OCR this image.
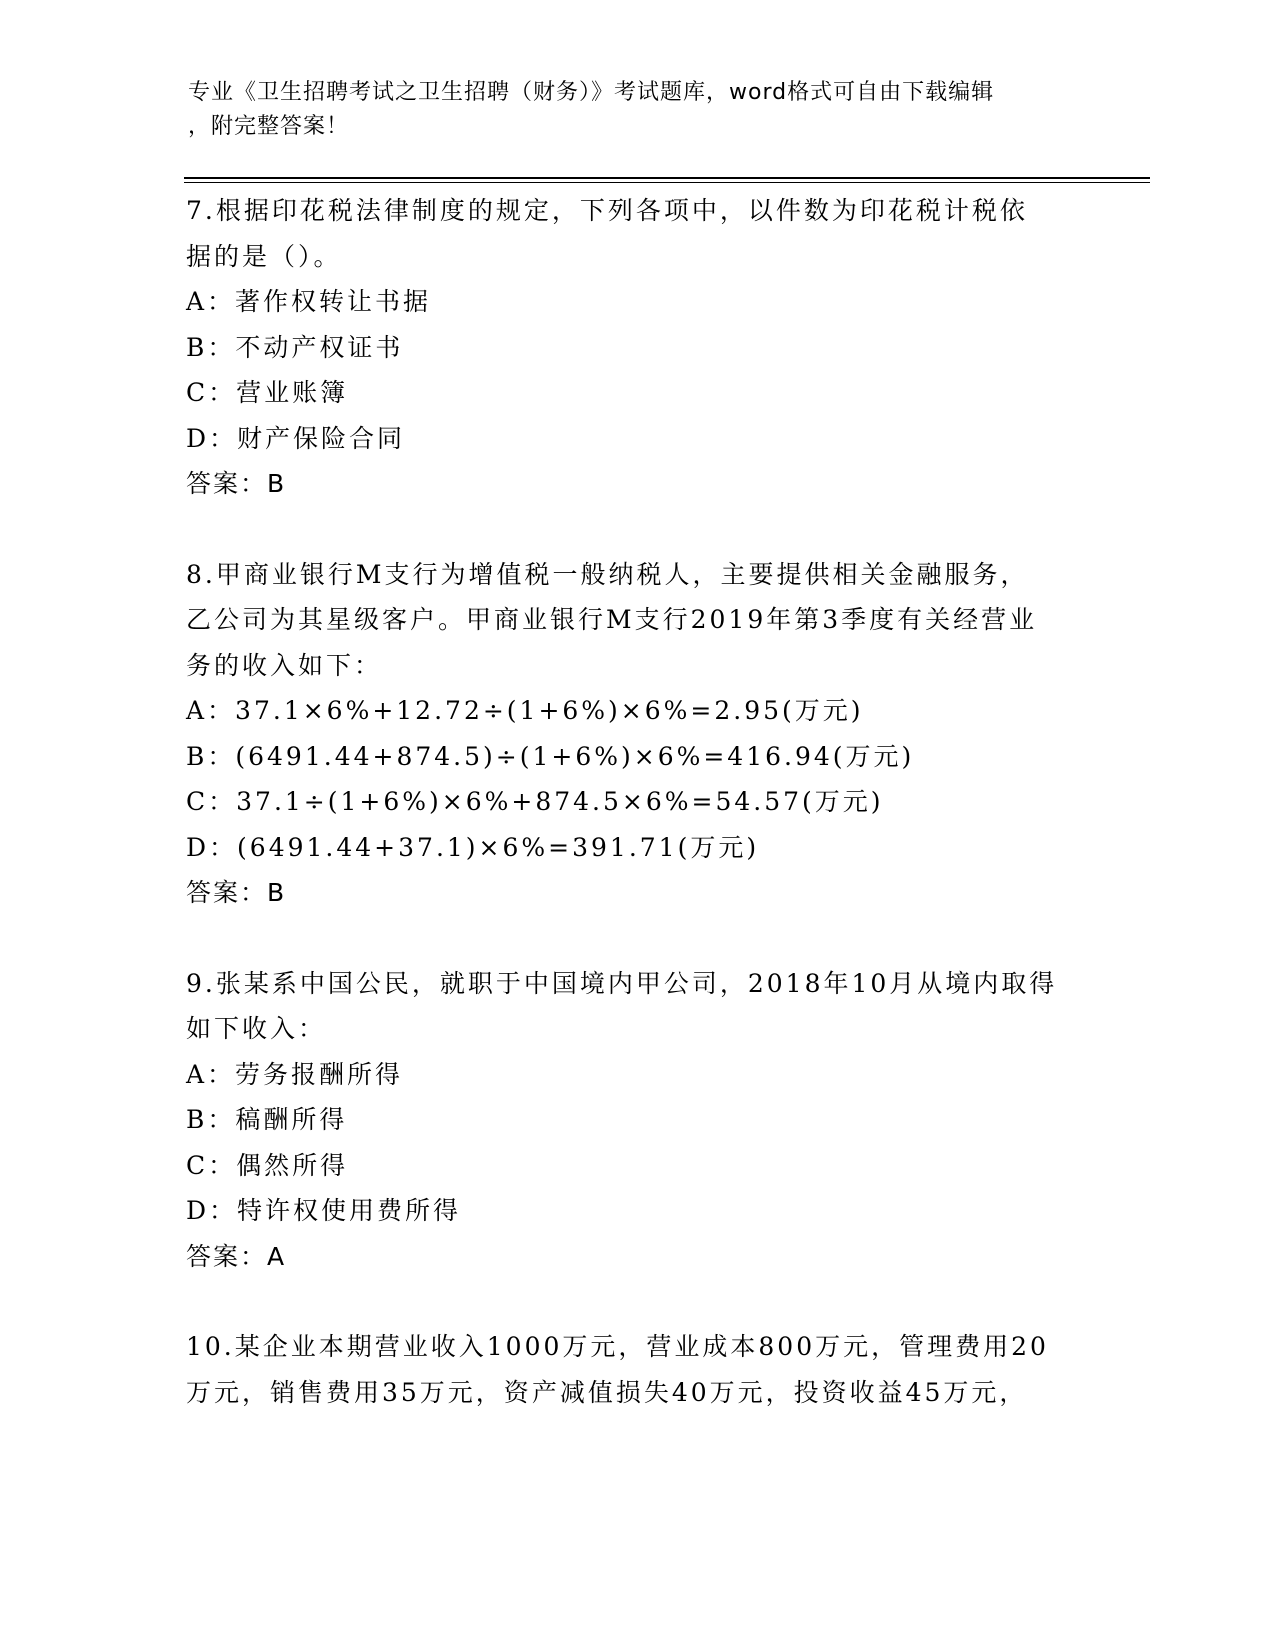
专业《卫生招聘考试之卫生招聘（财务）》考试题库，word格式可自由下载编辑
，附完整答案！
7.根据印花税法律制度的规定，下列各项中，以件数为印花税计税依
据的是（）。
A：著作权转让书据
B：不动产权证书
C：营业账簿
D：财产保险合同
答案：B
8.甲商业银行M支行为增值税一般纳税人，主要提供相关金融服务，
乙公司为其星级客户。甲商业银行M支行2019年第3季度有关经营业
务的收入如下：
A：37.1×6%+12.72÷(1+6%)×6%=2.95(万元)
B：(6491.44+874.5)÷(1+6%)×6%=416.94(万元)
C：37.1÷(1+6%)×6%+874.5×6%=54.57(万元)
D：(6491.44+37.1)×6%=391.71(万元)
答案：B
9.张某系中国公民，就职于中国境内甲公司，2018年10月从境内取得
如下收入：
A：劳务报酬所得
B：稿酬所得
C：偶然所得
D：特许权使用费所得
答案：A
10.某企业本期营业收入1000万元，营业成本800万元，管理费用20
万元，销售费用35万元，资产减值损失40万元，投资收益45万元，
